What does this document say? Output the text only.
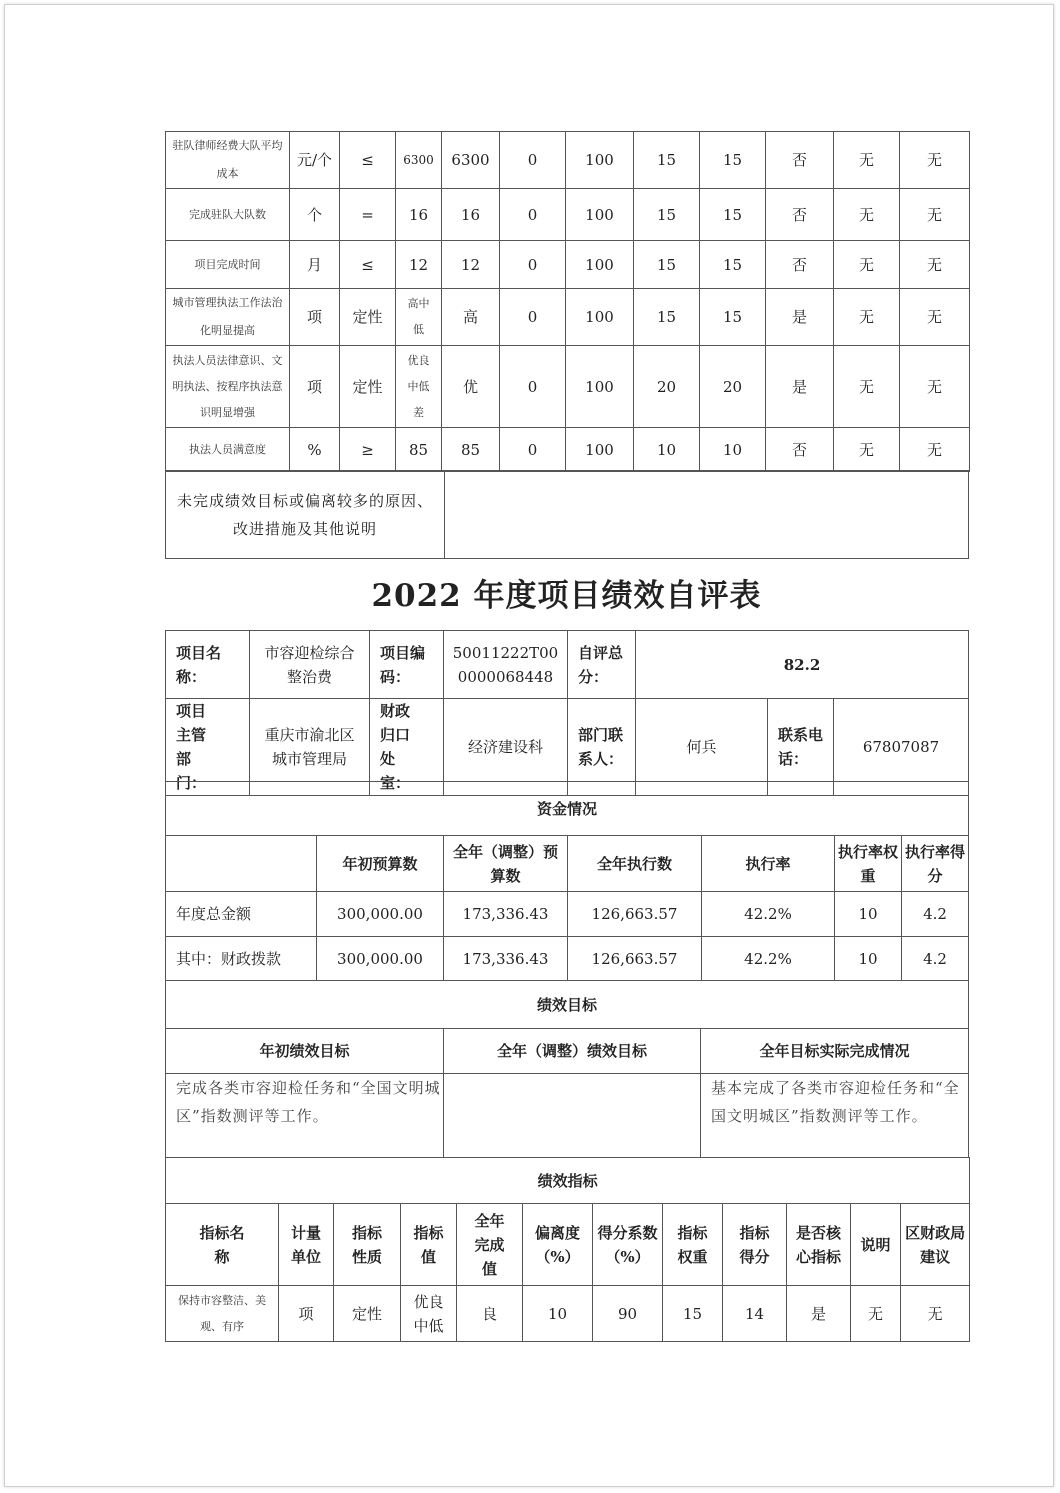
驻队律师经费大队平均成本	元/个	≤	6300	6300	0	100	15	15	否	无	无
完成驻队大队数	个	=	16	16	0	100	15	15	否	无	无
项目完成时间	月	≤	12	12	0	100	15	15	否	无	无
城市管理执法工作法治化明显提高	项	定性	高中低	高	0	100	15	15	是	无	无
执法人员法律意识、文明执法、按程序执法意识明显增强	项	定性	优良中低差	优	0	100	20	20	是	无	无
执法人员满意度	%	≥	85	85	0	100	10	10	否	无	无
未完成绩效目标或偏离较多的原因、改进措施及其他说明	
2022 年度项目绩效自评表
项目名称：	市容迎检综合整治费	项目编码：	50011222T000000068448	自评总分：	82.2		
项目主管部门：	重庆市渝北区城市管理局	财政归口处室：	经济建设科	部门联系人：	何兵	联系电话：	67807087
资金情况						
	年初预算数	全年（调整）预算数	全年执行数	执行率	执行率权重	执行率得分
年度总金额	300,000.00	173,336.43	126,663.57	42.2%	10	4.2
其中：财政拨款	300,000.00	173,336.43	126,663.57	42.2%	10	4.2
绩效目标		
年初绩效目标	全年（调整）绩效目标	全年目标实际完成情况
完成各类市容迎检任务和“全国文明城区”指数测评等工作。		基本完成了各类市容迎检任务和“全国文明城区”指数测评等工作。
绩效指标											
指标名称	计量单位	指标性质	指标值	全年完成值	偏离度（%）	得分系数（%）	指标权重	指标得分	是否核心指标	说明	区财政局建议
保持市容整洁、美观、有序	项	定性	优良中低	良	10	90	15	14	是	无	无
